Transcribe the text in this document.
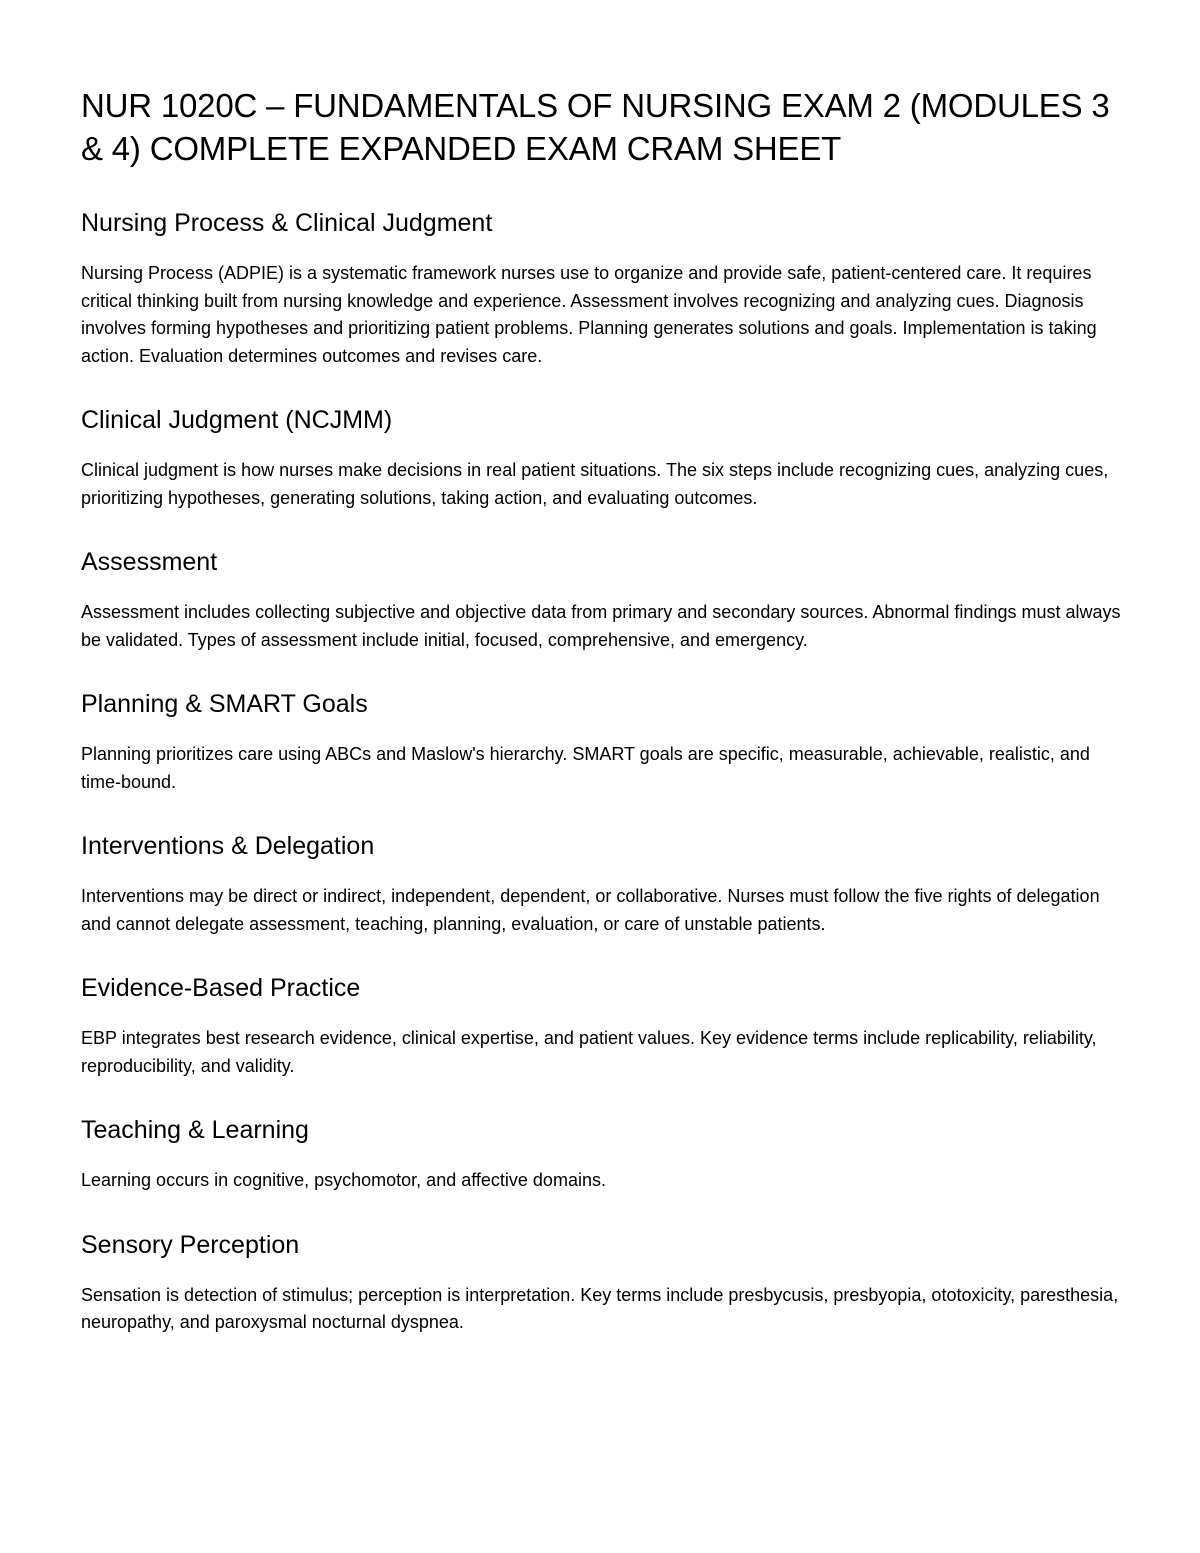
NUR 1020C – FUNDAMENTALS OF NURSING EXAM 2 (MODULES 3 & 4) COMPLETE EXPANDED EXAM CRAM SHEET
Nursing Process & Clinical Judgment

Nursing Process (ADPIE) is a systematic framework nurses use to organize and provide safe, patient-centered care. It requires critical thinking built from nursing knowledge and experience. Assessment involves recognizing and analyzing cues. Diagnosis involves forming hypotheses and prioritizing patient problems. Planning generates solutions and goals. Implementation is taking action. Evaluation determines outcomes and revises care.

Clinical Judgment (NCJMM)

Clinical judgment is how nurses make decisions in real patient situations. The six steps include recognizing cues, analyzing cues, prioritizing hypotheses, generating solutions, taking action, and evaluating outcomes.

Assessment

Assessment includes collecting subjective and objective data from primary and secondary sources. Abnormal findings must always be validated. Types of assessment include initial, focused, comprehensive, and emergency.

Planning & SMART Goals

Planning prioritizes care using ABCs and Maslow's hierarchy. SMART goals are specific, measurable, achievable, realistic, and time-bound.

Interventions & Delegation

Interventions may be direct or indirect, independent, dependent, or collaborative. Nurses must follow the five rights of delegation and cannot delegate assessment, teaching, planning, evaluation, or care of unstable patients.

Evidence-Based Practice

EBP integrates best research evidence, clinical expertise, and patient values. Key evidence terms include replicability, reliability, reproducibility, and validity.

Teaching & Learning

Learning occurs in cognitive, psychomotor, and affective domains.

Sensory Perception

Sensation is detection of stimulus; perception is interpretation. Key terms include presbycusis, presbyopia, ototoxicity, paresthesia, neuropathy, and paroxysmal nocturnal dyspnea.
